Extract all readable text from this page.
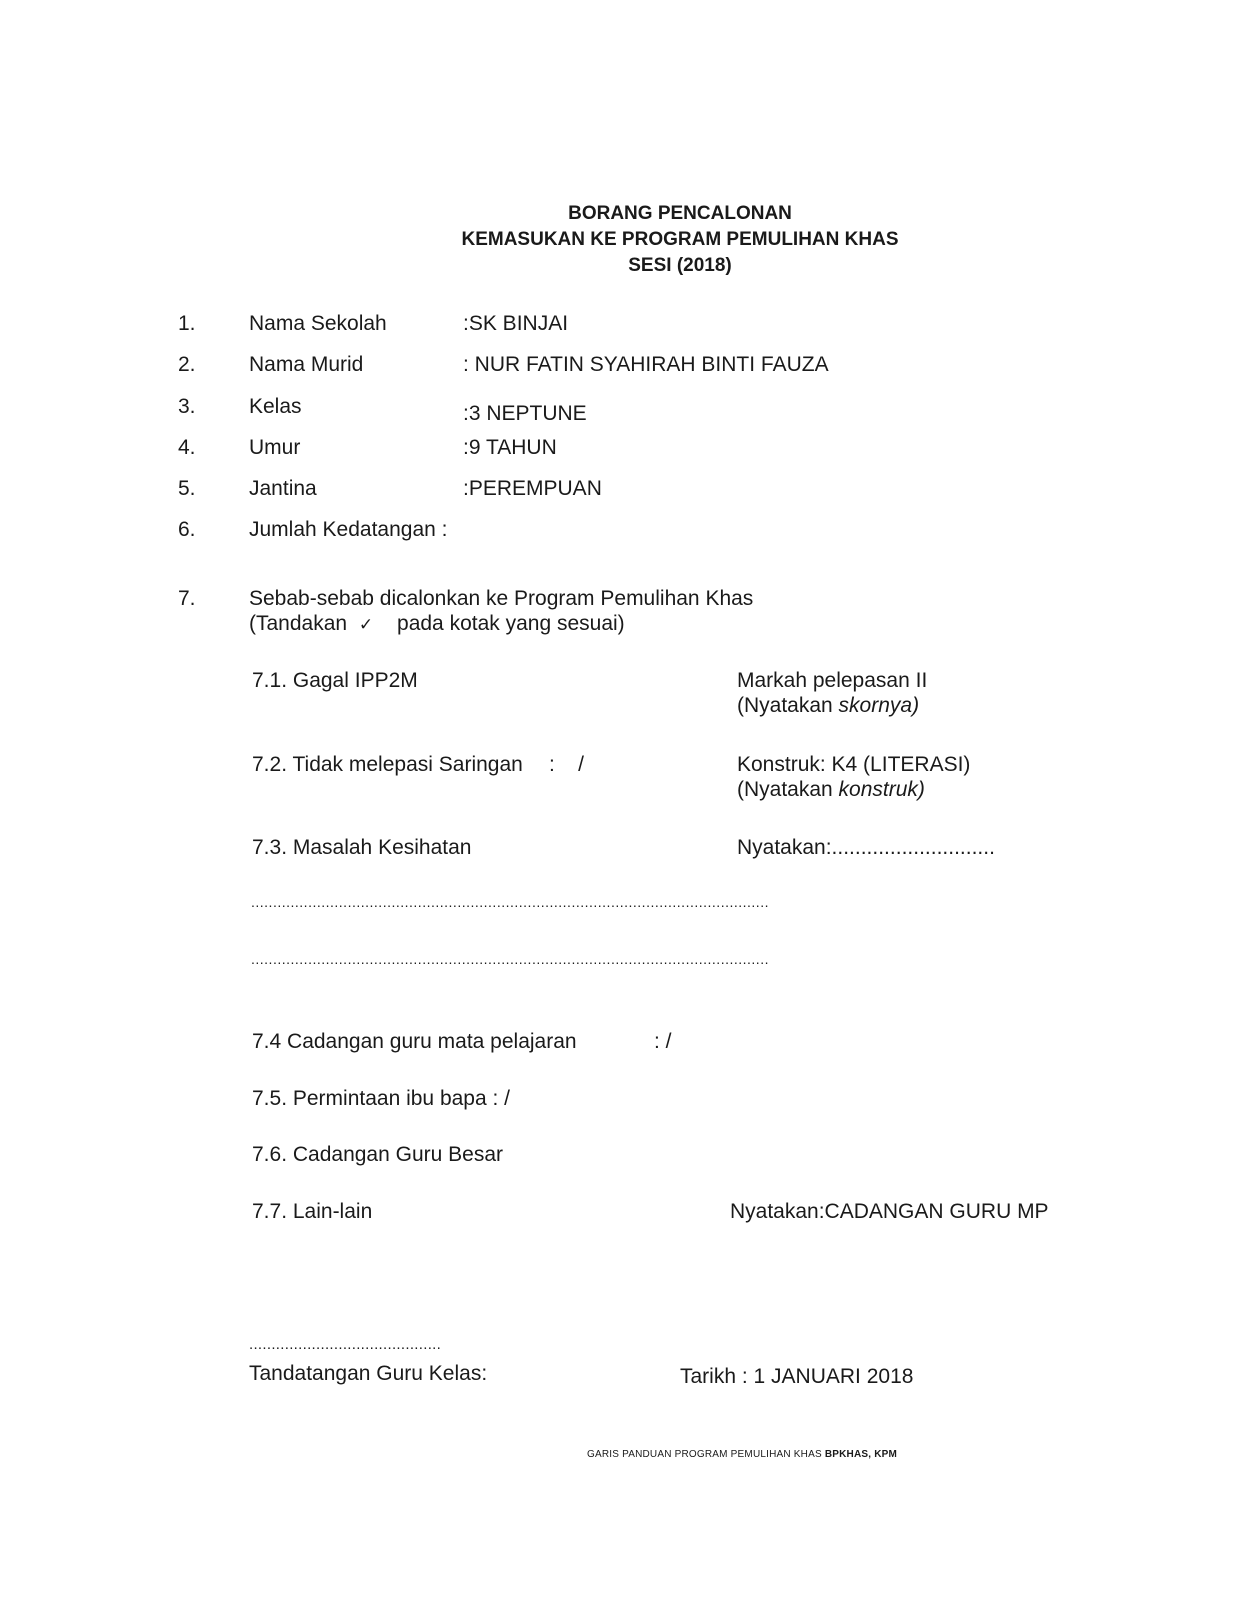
BORANG PENCALONAN
KEMASUKAN KE PROGRAM PEMULIHAN KHAS
SESI (2018)
1.	Nama Sekolah	:SK BINJAI
2.	Nama Murid	: NUR FATIN SYAHIRAH BINTI FAUZA
3.	Kelas	:3 NEPTUNE
4.	Umur	:9 TAHUN
5.	Jantina	:PEREMPUAN
6.	Jumlah Kedatangan :
7.	Sebab-sebab dicalonkan ke Program Pemulihan Khas
(Tandakan ✓ pada kotak yang sesuai)
7.1. Gagal IPP2M	Markah pelepasan II
(Nyatakan skornya)
7.2. Tidak melepasi Saringan :    /	Konstruk: K4 (LITERASI)
(Nyatakan konstruk)
7.3. Masalah Kesihatan	Nyatakan:............................
......................................................................................................................
......................................................................................................................
7.4 Cadangan guru mata pelajaran	: /
7.5. Permintaan ibu bapa : /
7.6. Cadangan Guru Besar
7.7. Lain-lain	Nyatakan:CADANGAN GURU MP
...........................................
Tandatangan Guru Kelas:	Tarikh : 1 JANUARI 2018
GARIS PANDUAN PROGRAM PEMULIHAN KHAS BPKHAS, KPM
